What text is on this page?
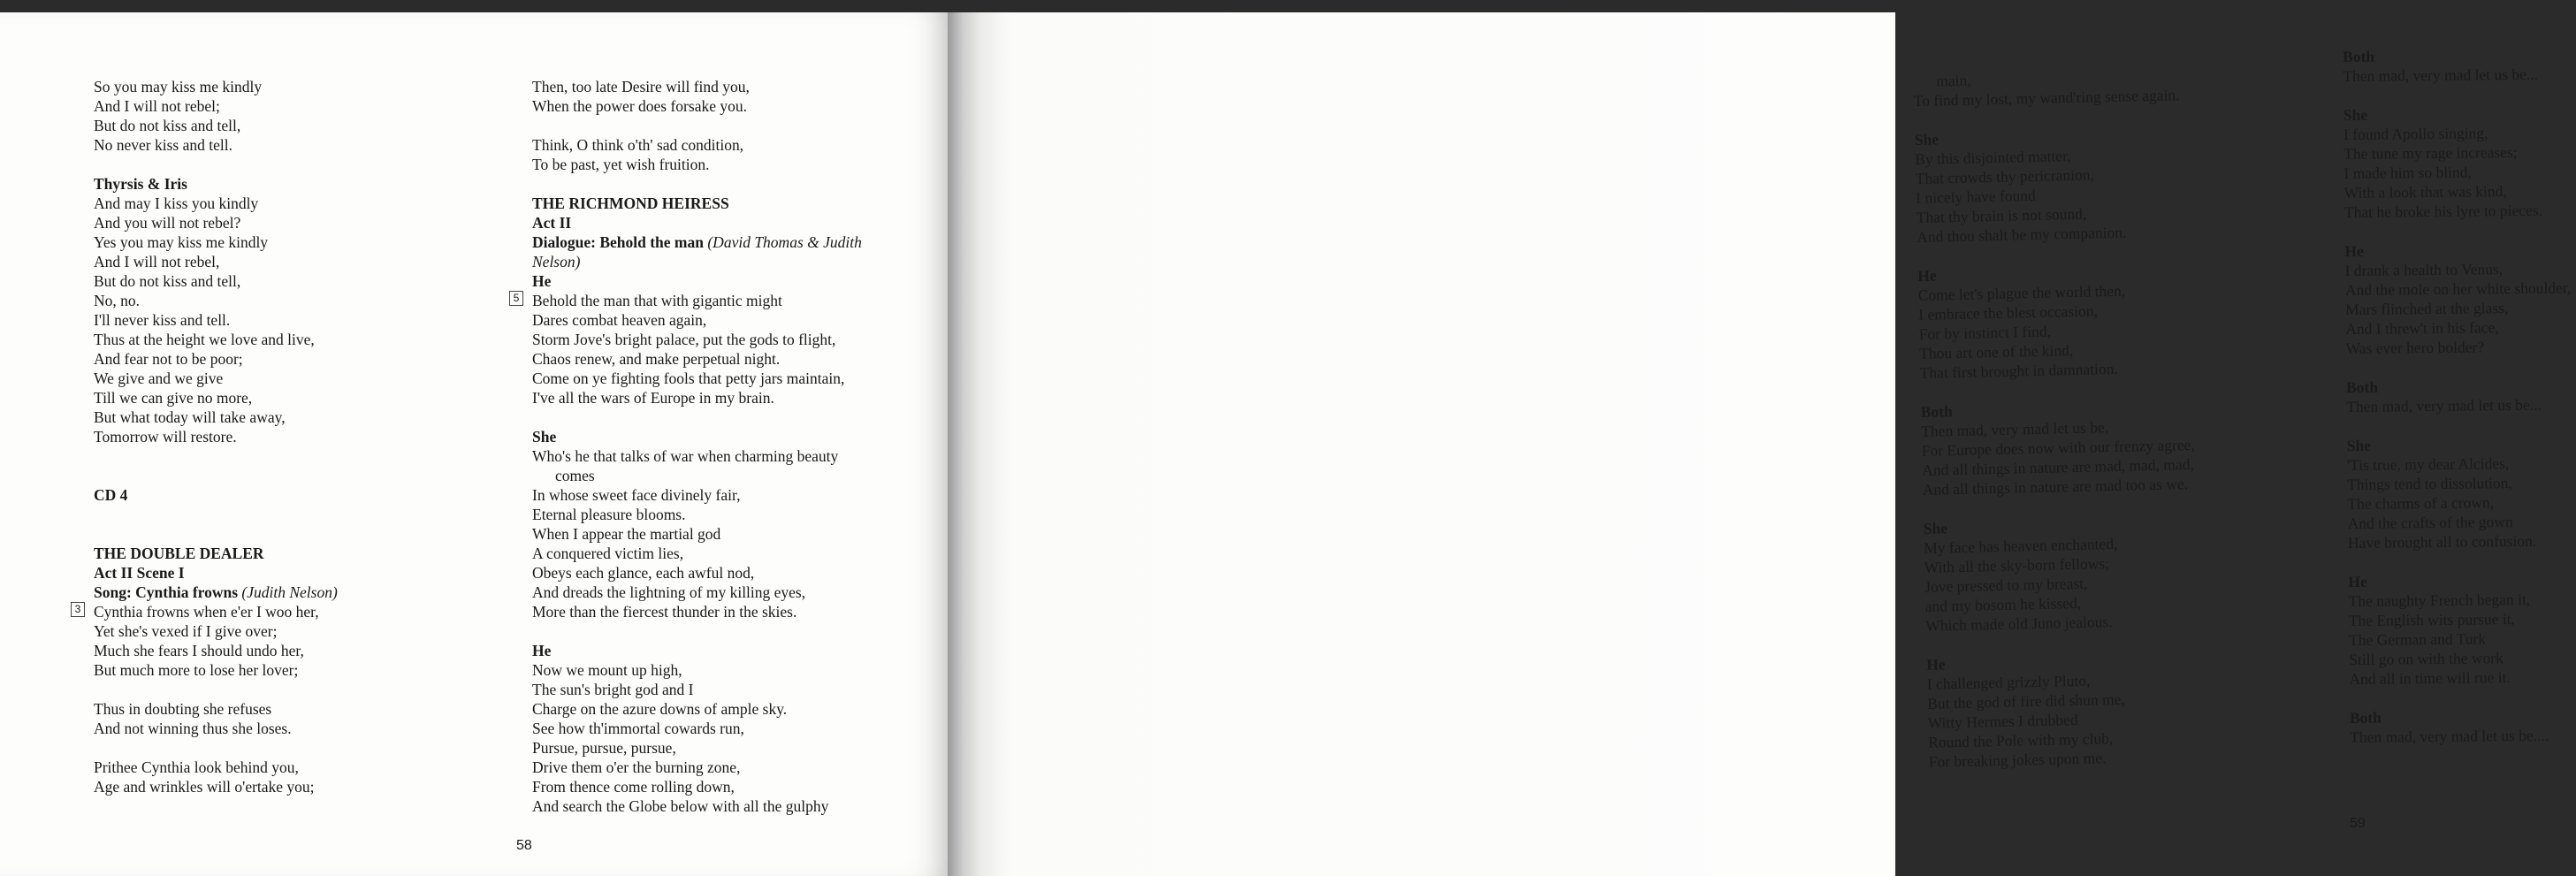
So you may kiss me kindly
And I will not rebel;
But do not kiss and tell,
No never kiss and tell.
Thyrsis & Iris
And may I kiss you kindly
And you will not rebel?
Yes you may kiss me kindly
And I will not rebel,
But do not kiss and tell,
No, no.
I'll never kiss and tell.
Thus at the height we love and live,
And fear not to be poor;
We give and we give
Till we can give no more,
But what today will take away,
Tomorrow will restore.
CD 4
THE DOUBLE DEALER
Act II Scene I
Song: Cynthia frowns (Judith Nelson)
3 Cynthia frowns when e'er I woo her,
Yet she's vexed if I give over;
Much she fears I should undo her,
But much more to lose her lover;
Thus in doubting she refuses
And not winning thus she loses.
Prithee Cynthia look behind you,
Age and wrinkles will o'ertake you;
Then, too late Desire will find you,
When the power does forsake you.
Think, O think o'th' sad condition,
To be past, yet wish fruition.
THE RICHMOND HEIRESS
Act II
Dialogue: Behold the man (David Thomas & Judith
Nelson)
He
5 Behold the man that with gigantic might
Dares combat heaven again,
Storm Jove's bright palace, put the gods to flight,
Chaos renew, and make perpetual night.
Come on ye fighting fools that petty jars maintain,
I've all the wars of Europe in my brain.
She
Who's he that talks of war when charming beauty
comes
In whose sweet face divinely fair,
Eternal pleasure blooms.
When I appear the martial god
A conquered victim lies,
Obeys each glance, each awful nod,
And dreads the lightning of my killing eyes,
More than the fiercest thunder in the skies.
He
Now we mount up high,
The sun's bright god and I
Charge on the azure downs of ample sky.
See how th'immortal cowards run,
Pursue, pursue, pursue,
Drive them o'er the burning zone,
From thence come rolling down,
And search the Globe below with all the gulphy
58
main,
To find my lost, my wand'ring sense again.
She
By this disjointed matter,
That crowds thy pericranion,
I nicely have found
That thy brain is not sound,
And thou shalt be my companion.
He
Come let's plague the world then,
I embrace the blest occasion,
For by instinct I find,
Thou art one of the kind,
That first brought in damnation.
Both
Then mad, very mad let us be,
For Europe does now with our frenzy agree,
And all things in nature are mad, mad, mad,
And all things in nature are mad too as we.
She
My face has heaven enchanted,
With all the sky-born fellows;
Jove pressed to my breast,
and my bosom he kissed,
Which made old Juno jealous.
He
I challenged grizzly Pluto,
But the god of fire did shun me,
Witty Hermes I drubbed
Round the Pole with my club,
For breaking jokes upon me.
Both
Then mad, very mad let us be...
She
I found Apollo singing,
The tune my rage increases;
I made him so blind,
With a look that was kind,
That he broke his lyre to pieces.
He
I drank a health to Venus,
And the mole on her white shoulder,
Mars flinched at the glass,
And I threw't in his face,
Was ever hero bolder?
Both
Then mad, very mad let us be...
She
'Tis true, my dear Alcides,
Things tend to dissolution,
The charms of a crown,
And the crafts of the gown
Have brought all to confusion.
He
The naughty French began it,
The English wits pursue it,
The German and Turk
Still go on with the work
And all in time will rue it.
Both
Then mad, very mad let us be....
59
